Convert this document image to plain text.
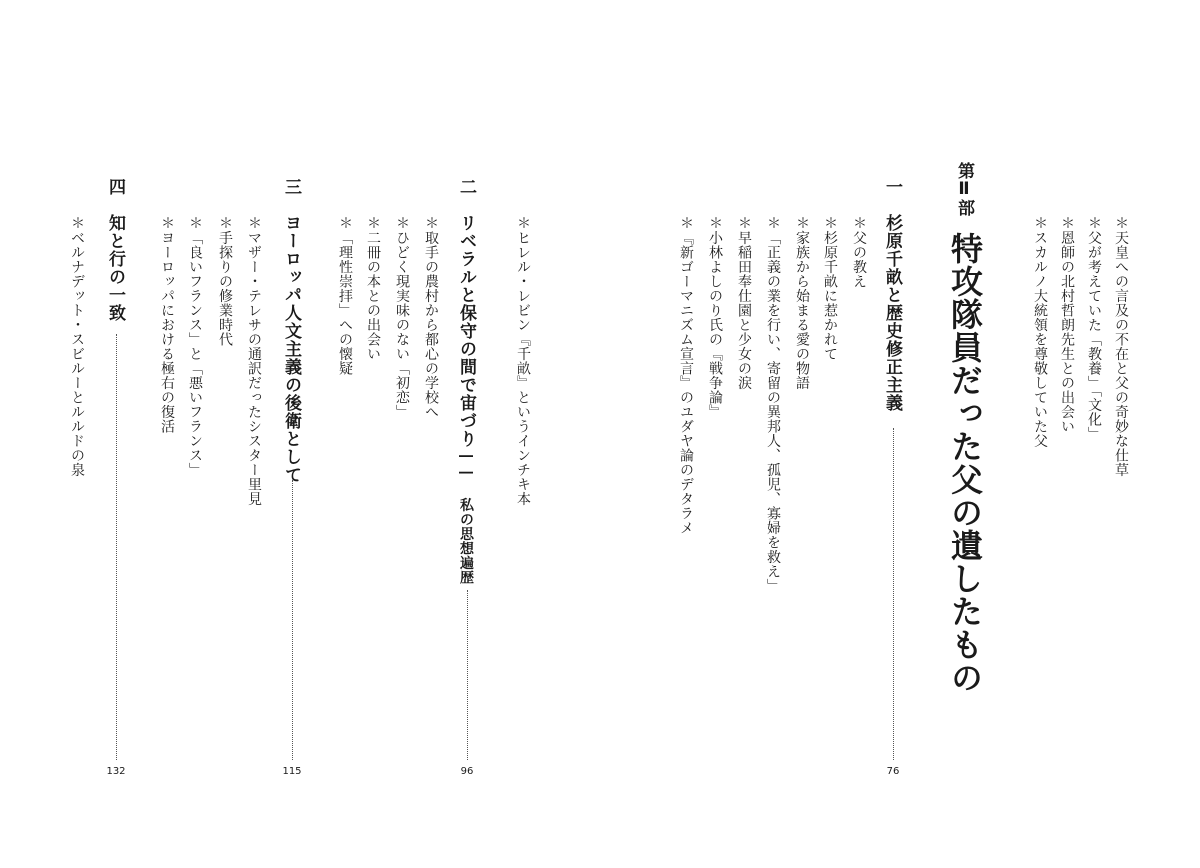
＊天皇への言及の不在と父の奇妙な仕草
＊父が考えていた「教養」「文化」
＊恩師の北村哲朗先生との出会い
＊スカルノ大統領を尊敬していた父
第Ⅱ部
特攻隊員だった父の遺したもの
一
杉原千畝と歴史修正主義
76
＊父の教え
＊杉原千畝に惹かれて
＊家族から始まる愛の物語
＊「正義の業を行い、寄留の異邦人、孤児、寡婦を救え」
＊早稲田奉仕園と少女の涙
＊小林よしのり氏の『戦争論』
＊『新ゴーマニズム宣言』のユダヤ論のデタラメ
＊ヒレル・レビン『千畝』というインチキ本
二
リベラルと保守の間で宙づり―― 私の思想遍歴
96
＊取手の農村から都心の学校へ
＊ひどく現実味のない「初恋」
＊二冊の本との出会い
＊「理性崇拝」への懐疑
三
ヨーロッパ人文主義の後衛として
115
＊マザー・テレサの通訳だったシスター里見
＊手探りの修業時代
＊「良いフランス」と「悪いフランス」
＊ヨーロッパにおける極右の復活
四
知と行の一致
132
＊ベルナデット・スビルーとルルドの泉
